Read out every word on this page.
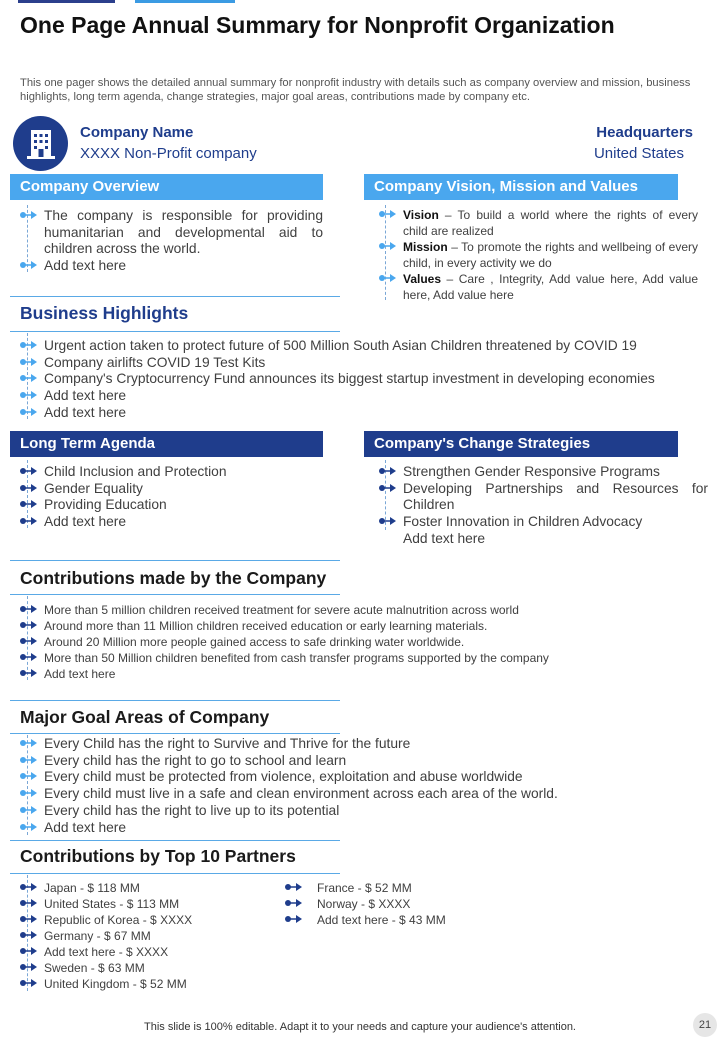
One Page Annual Summary for Nonprofit Organization
This one pager shows the detailed annual summary for nonprofit industry with details such as company overview and mission, business highlights, long term agenda, change strategies, major goal areas, contributions made by company etc.
Company Name
XXXX Non-Profit company
Headquarters
United States
Company Overview
The company is responsible for providing humanitarian and developmental aid to children across the world.
Add text here
Company Vision, Mission and Values
Vision – To build a world where the rights of every child are realized
Mission – To promote the rights and wellbeing of every child, in every activity we do
Values – Care , Integrity, Add value here, Add value here, Add value here
Business Highlights
Urgent action taken to protect future of 500 Million South Asian Children threatened by COVID 19
Company airlifts COVID 19 Test Kits
Company's Cryptocurrency Fund announces its biggest startup investment in developing economies
Add text here
Add text here
Long Term Agenda
Child Inclusion and Protection
Gender Equality
Providing Education
Add text here
Company's Change Strategies
Strengthen Gender Responsive Programs
Developing Partnerships and Resources for Children
Foster Innovation in Children Advocacy
Add text here
Contributions made by the Company
More than 5 million children received treatment for severe acute malnutrition across world
Around more than 11 Million children received education or early learning materials.
Around 20 Million more people gained access to safe drinking water worldwide.
More than 50 Million children benefited from cash transfer programs supported by the company
Add text here
Major Goal Areas of Company
Every Child has the right to Survive and Thrive for the future
Every child has the right to go to school and learn
Every child must be protected from violence, exploitation and abuse worldwide
Every child must live in a safe and clean environment across each area of the world.
Every child has the right to live up to its potential
Add text here
Contributions by Top 10 Partners
Japan - $ 118 MM
United States - $ 113 MM
Republic of Korea - $ XXXX
Germany - $ 67 MM
Add text here - $ XXXX
Sweden - $ 63 MM
United Kingdom - $ 52 MM
France - $ 52 MM
Norway - $ XXXX
Add text here - $ 43 MM
This slide is 100% editable. Adapt it to your needs and capture your audience's attention.	21
